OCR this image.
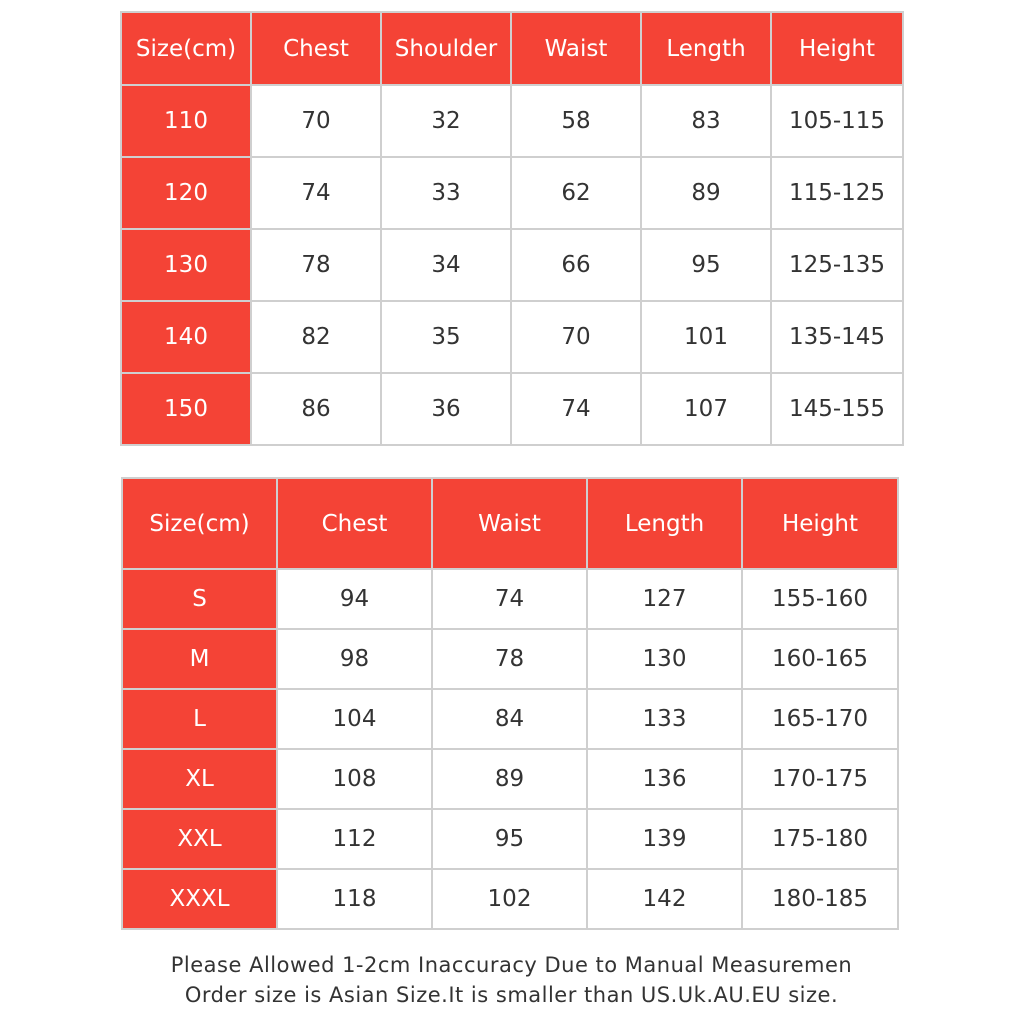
Size(cm)	Chest	Shoulder	Waist	Length	Height
110	70	32	58	83	105-115
120	74	33	62	89	115-125
130	78	34	66	95	125-135
140	82	35	70	101	135-145
150	86	36	74	107	145-155
Size(cm)	Chest	Waist	Length	Height
S	94	74	127	155-160
M	98	78	130	160-165
L	104	84	133	165-170
XL	108	89	136	170-175
XXL	112	95	139	175-180
XXXL	118	102	142	180-185
Please Allowed 1-2cm Inaccuracy Due to Manual Measuremen
Order size is Asian Size.It is smaller than US.Uk.AU.EU size.
